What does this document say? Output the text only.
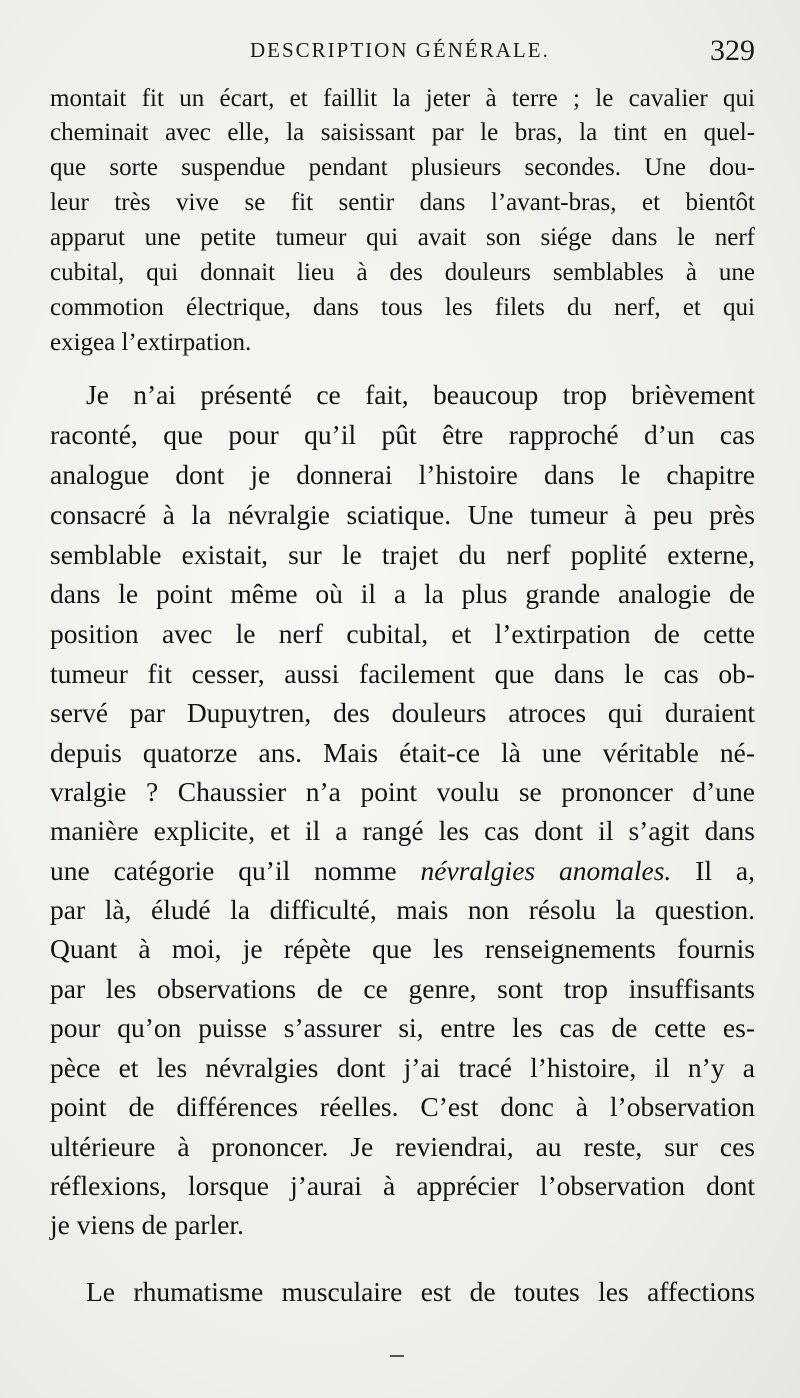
DESCRIPTION GÉNÉRALE.	329
montait fit un écart, et faillit la jeter à terre ; le cavalier qui
cheminait avec elle, la saisissant par le bras, la tint en quel-
que sorte suspendue pendant plusieurs secondes. Une dou-
leur très vive se fit sentir dans l’avant-bras, et bientôt
apparut une petite tumeur qui avait son siége dans le nerf
cubital, qui donnait lieu à des douleurs semblables à une
commotion électrique, dans tous les filets du nerf, et qui
exigea l’extirpation.
Je n’ai présenté ce fait, beaucoup trop brièvement
raconté, que pour qu’il pût être rapproché d’un cas
analogue dont je donnerai l’histoire dans le chapitre
consacré à la névralgie sciatique. Une tumeur à peu près
semblable existait, sur le trajet du nerf poplité externe,
dans le point même où il a la plus grande analogie de
position avec le nerf cubital, et l’extirpation de cette
tumeur fit cesser, aussi facilement que dans le cas ob-
servé par Dupuytren, des douleurs atroces qui duraient
depuis quatorze ans. Mais était-ce là une véritable né-
vralgie ? Chaussier n’a point voulu se prononcer d’une
manière explicite, et il a rangé les cas dont il s’agit dans
une catégorie qu’il nomme névralgies anomales. Il a,
par là, éludé la difficulté, mais non résolu la question.
Quant à moi, je répète que les renseignements fournis
par les observations de ce genre, sont trop insuffisants
pour qu’on puisse s’assurer si, entre les cas de cette es-
pèce et les névralgies dont j’ai tracé l’histoire, il n’y a
point de différences réelles. C’est donc à l’observation
ultérieure à prononcer. Je reviendrai, au reste, sur ces
réflexions, lorsque j’aurai à apprécier l’observation dont
je viens de parler.
Le rhumatisme musculaire est de toutes les affections
